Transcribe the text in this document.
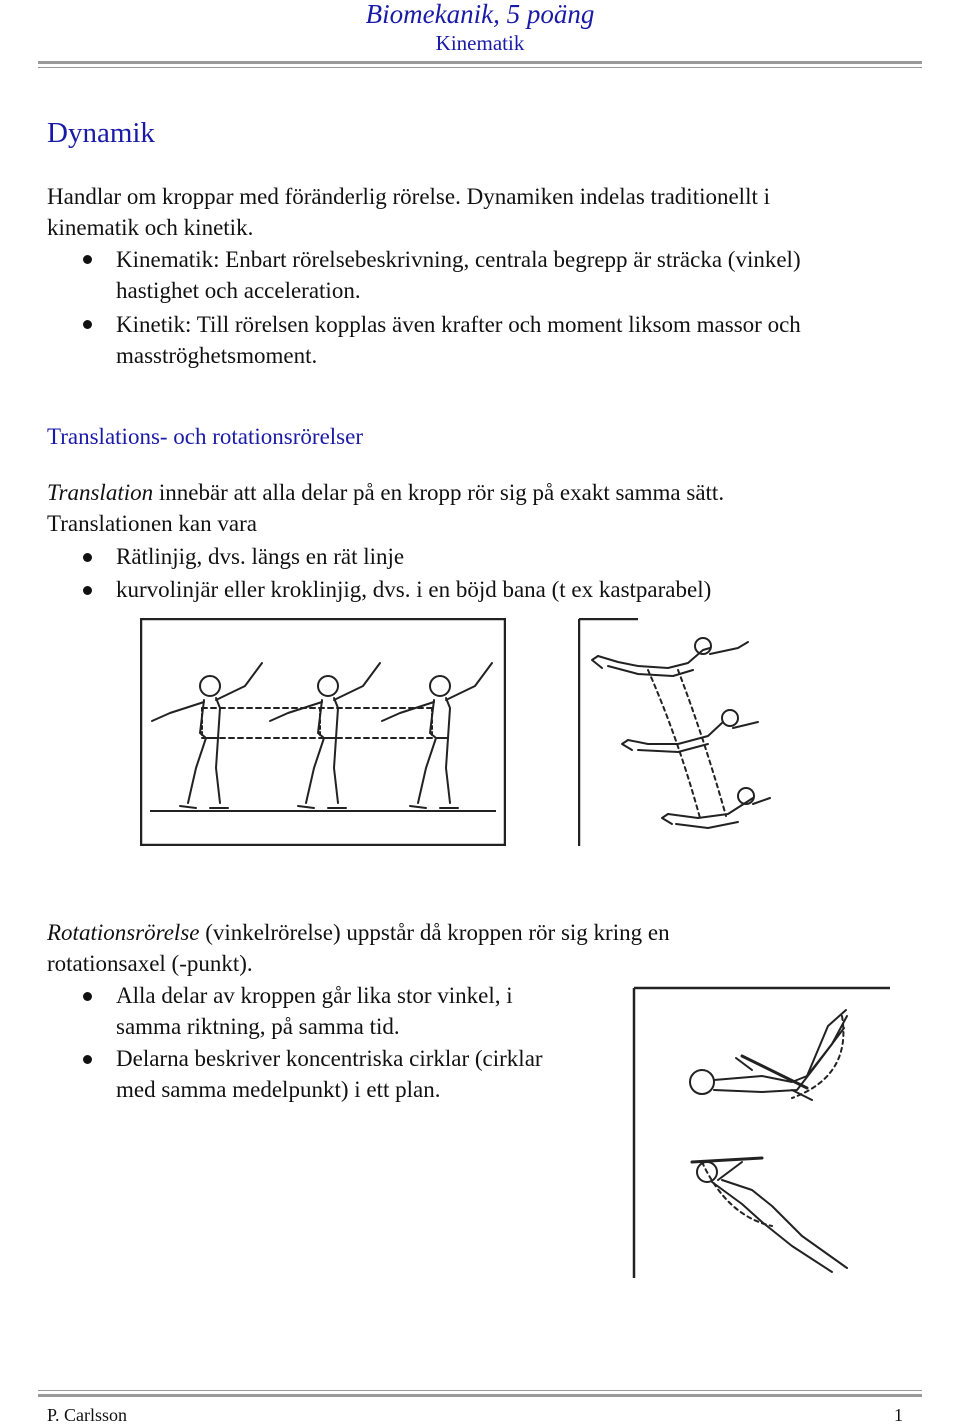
Biomekanik, 5 poäng
Kinematik
Dynamik
Handlar om kroppar med föränderlig rörelse. Dynamiken indelas traditionellt i
kinematik och kinetik.
Kinematik: Enbart rörelsebeskrivning, centrala begrepp är sträcka (vinkel)
hastighet och acceleration.
Kinetik: Till rörelsen kopplas även krafter och moment liksom massor och
masströghetsmoment.
Translations- och rotationsrörelser
Translation innebär att alla delar på en kropp rör sig på exakt samma sätt.
Translationen kan vara
Rätlinjig, dvs. längs en rät linje
kurvolinjär eller kroklinjig, dvs. i en böjd bana (t ex kastparabel)
Rotationsrörelse (vinkelrörelse) uppstår då kroppen rör sig kring en
rotationsaxel (-punkt).
Alla delar av kroppen går lika stor vinkel, i
samma riktning, på samma tid.
Delarna beskriver koncentriska cirklar (cirklar
med samma medelpunkt) i ett plan.
P. Carlsson	1
